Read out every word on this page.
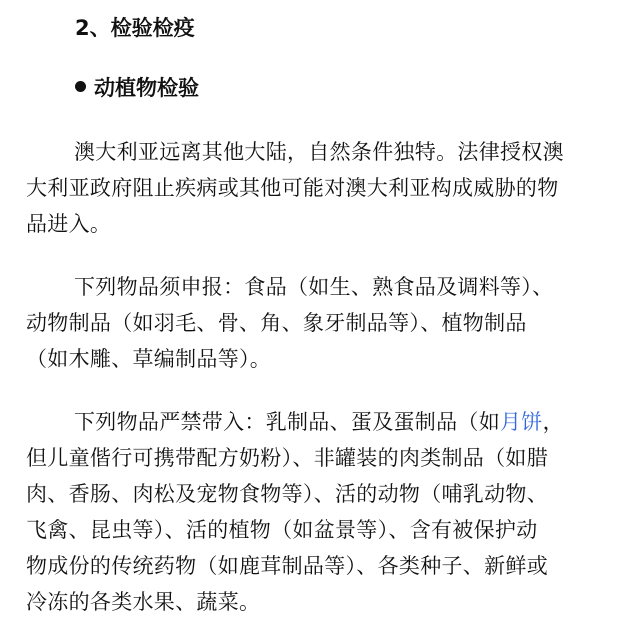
2、检验检疫
动植物检验
澳大利亚远离其他大陆，自然条件独特。法律授权澳
大利亚政府阻止疾病或其他可能对澳大利亚构成威胁的物
品进入。
下列物品须申报：食品（如生、熟食品及调料等）、
动物制品（如羽毛、骨、角、象牙制品等）、植物制品
（如木雕、草编制品等）。
下列物品严禁带入：乳制品、蛋及蛋制品（如月饼，
但儿童偕行可携带配方奶粉）、非罐装的肉类制品（如腊
肉、香肠、肉松及宠物食物等）、活的动物（哺乳动物、
飞禽、昆虫等）、活的植物（如盆景等）、含有被保护动
物成份的传统药物（如鹿茸制品等）、各类种子、新鲜或
冷冻的各类水果、蔬菜。
